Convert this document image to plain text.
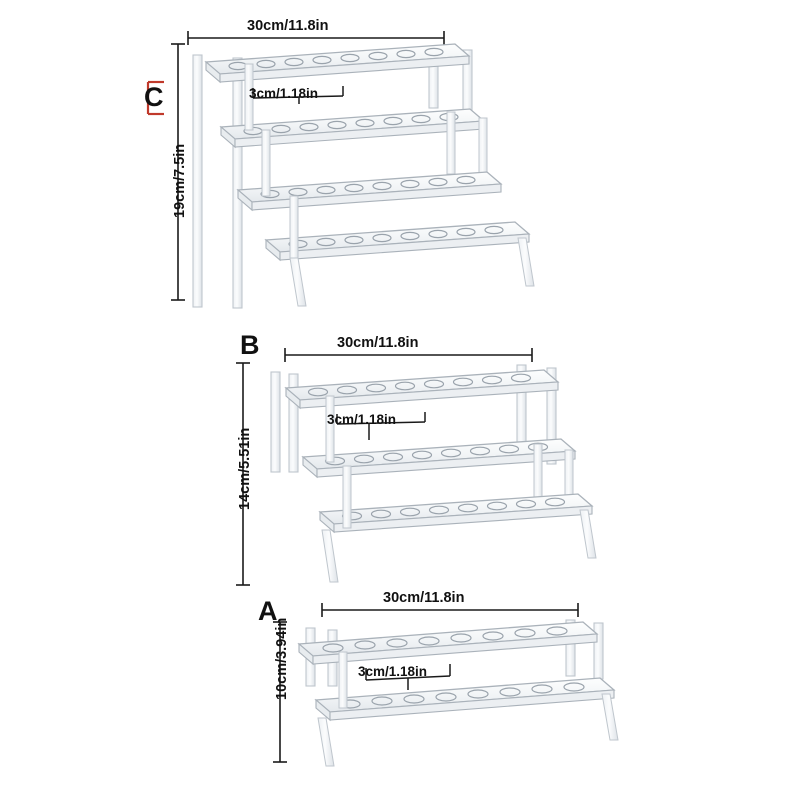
C
30cm/11.8in
19cm/7.5in
3cm/1.18in
B	30cm/11.8in
14cm/5.51in
3cm/1.18in
A	30cm/11.8in
10cm/3.94in	3cm/1.18in
